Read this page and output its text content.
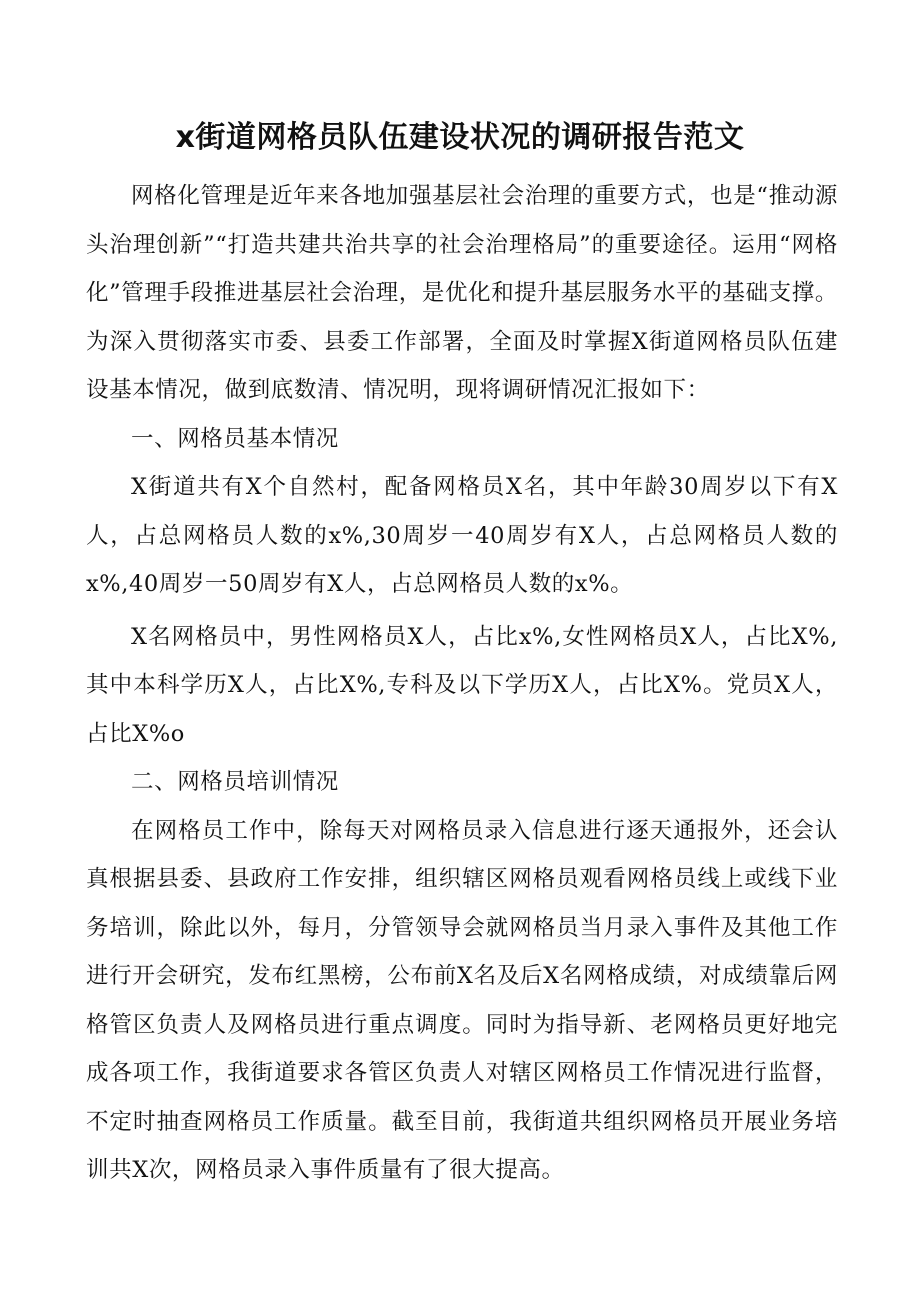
x街道网格员队伍建设状况的调研报告范文

网格化管理是近年来各地加强基层社会治理的重要方式，也是“推动源头治理创新”“打造共建共治共享的社会治理格局”的重要途径。运用“网格化”管理手段推进基层社会治理，是优化和提升基层服务水平的基础支撑。为深入贯彻落实市委、县委工作部署，全面及时掌握X街道网格员队伍建设基本情况，做到底数清、情况明，现将调研情况汇报如下：

一、网格员基本情况

X街道共有X个自然村，配备网格员X名，其中年龄30周岁以下有X人，占总网格员人数的x%,30周岁一40周岁有X人，占总网格员人数的x%,40周岁一50周岁有X人，占总网格员人数的x%。

X名网格员中，男性网格员X人，占比x%,女性网格员X人，占比X%,其中本科学历X人，占比X%,专科及以下学历X人，占比X%。党员X人，占比X%o

二、网格员培训情况

在网格员工作中，除每天对网格员录入信息进行逐天通报外，还会认真根据县委、县政府工作安排，组织辖区网格员观看网格员线上或线下业务培训，除此以外，每月，分管领导会就网格员当月录入事件及其他工作进行开会研究，发布红黑榜，公布前X名及后X名网格成绩，对成绩靠后网格管区负责人及网格员进行重点调度。同时为指导新、老网格员更好地完成各项工作，我街道要求各管区负责人对辖区网格员工作情况进行监督，不定时抽查网格员工作质量。截至目前，我街道共组织网格员开展业务培训共X次，网格员录入事件质量有了很大提高。
